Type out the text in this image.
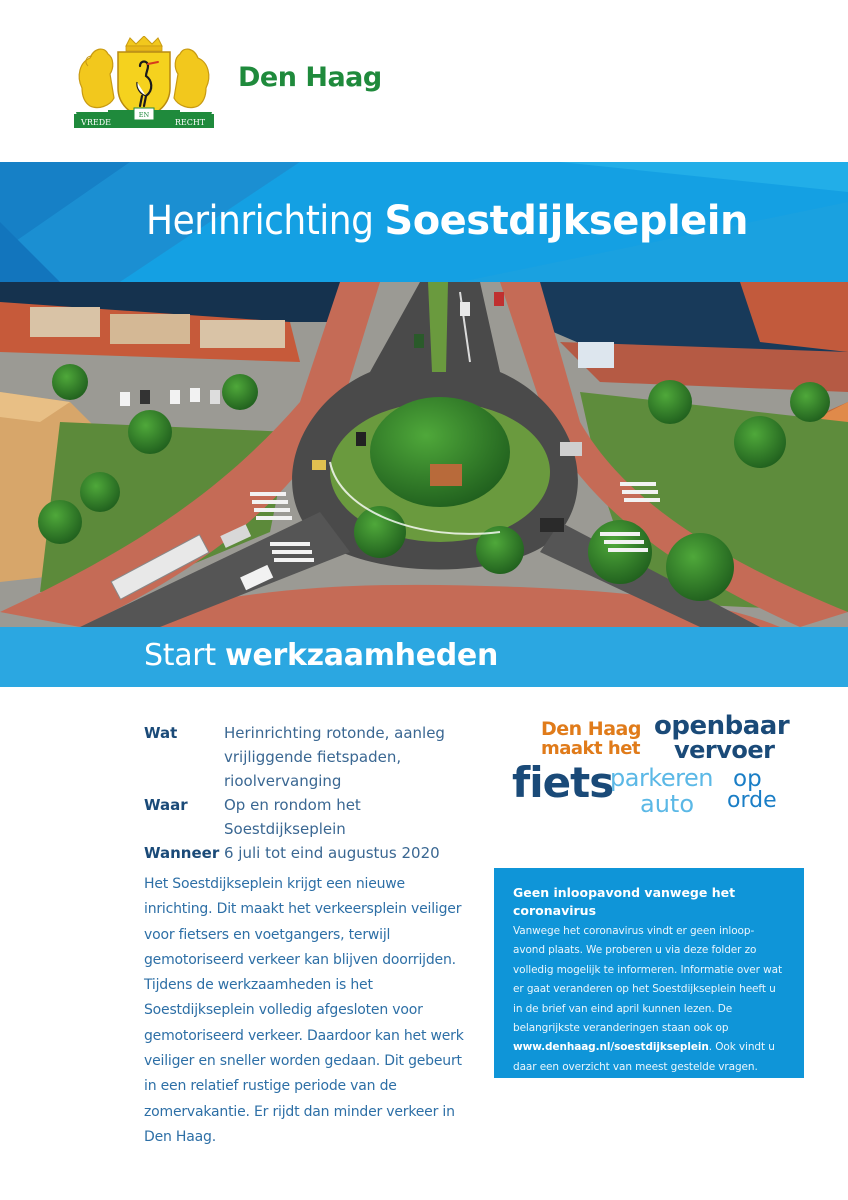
VREDE
EN
RECHT
Den Haag
Herinrichting Soestdijkseplein
Start werkzaamheden
Wat	Herinrichting rotonde, aanleg vrijliggende fietspaden, rioolvervanging
Waar	Op en rondom het Soestdijkseplein
Wanneer 6 juli tot eind augustus 2020
Het Soestdijkseplein krijgt een nieuwe inrichting. Dit maakt het verkeersplein veiliger voor fietsers en voetgangers, terwijl gemotoriseerd verkeer kan blijven doorrijden. Tijdens de werkzaamheden is het Soestdijkseplein volledig afgesloten voor gemotoriseerd verkeer. Daardoor kan het werk veiliger en sneller worden gedaan. Dit gebeurt in een relatief rustige periode van de zomervakantie. Er rijdt dan minder verkeer in Den Haag.
Den Haag
maakt het
openbaar
vervoer
fiets
parkeren op
auto orde
Geen inloopavond vanwege het coronavirus
Vanwege het coronavirus vindt er geen inloop-avond plaats. We proberen u via deze folder zo volledig mogelijk te informeren. Informatie over wat er gaat veranderen op het Soestdijkseplein heeft u in de brief van eind april kunnen lezen. De belangrijkste veranderingen staan ook op www.denhaag.nl/soestdijkseplein. Ook vindt u daar een overzicht van meest gestelde vragen.
